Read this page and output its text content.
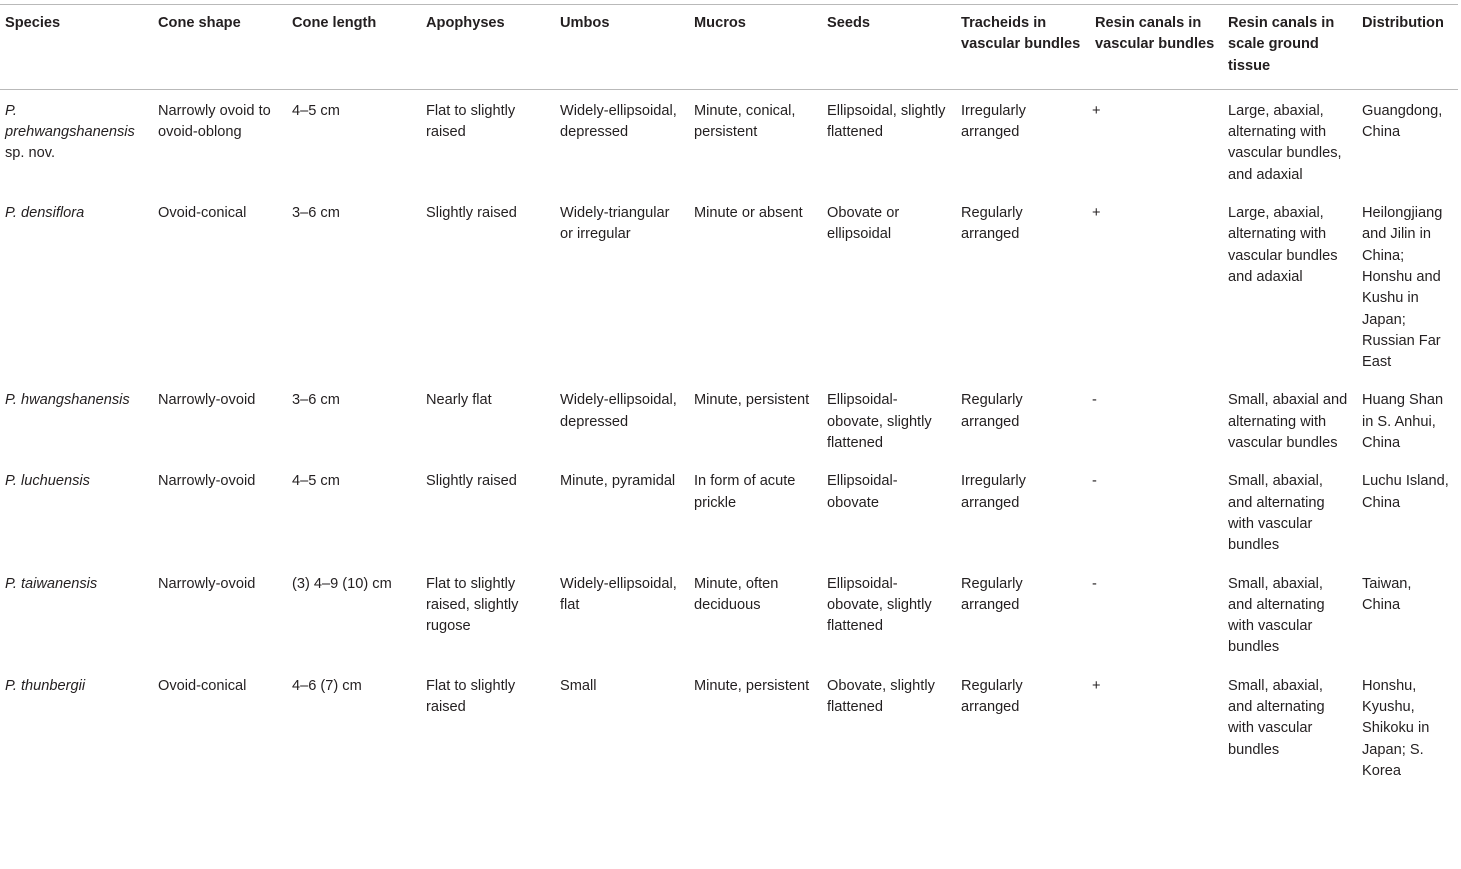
Species	Cone shape	Cone length	Apophyses	Umbos	Mucros	Seeds	Tracheids in vascular bundles	Resin canals in vascular bundles	Resin canals in scale ground tissue	Distribution
P. prehwangshanensis sp. nov.	Narrowly ovoid to ovoid-oblong	4–5 cm	Flat to slightly raised	Widely-ellipsoidal, depressed	Minute, conical, persistent	Ellipsoidal, slightly flattened	Irregularly arranged	+	Large, abaxial, alternating with vascular bundles, and adaxial	Guangdong, China
P. densiflora	Ovoid-conical	3–6 cm	Slightly raised	Widely-triangular or irregular	Minute or absent	Obovate or ellipsoidal	Regularly arranged	+	Large, abaxial, alternating with vascular bundles and adaxial	Heilongjiang and Jilin in China; Honshu and Kushu in Japan; Russian Far East
P. hwangshanensis	Narrowly-ovoid	3–6 cm	Nearly flat	Widely-ellipsoidal, depressed	Minute, persistent	Ellipsoidal-obovate, slightly flattened	Regularly arranged	-	Small, abaxial and alternating with vascular bundles	Huang Shan in S. Anhui, China
P. luchuensis	Narrowly-ovoid	4–5 cm	Slightly raised	Minute, pyramidal	In form of acute prickle	Ellipsoidal-obovate	Irregularly arranged	-	Small, abaxial, and alternating with vascular bundles	Luchu Island, China
P. taiwanensis	Narrowly-ovoid	(3) 4–9 (10) cm	Flat to slightly raised, slightly rugose	Widely-ellipsoidal, flat	Minute, often deciduous	Ellipsoidal-obovate, slightly flattened	Regularly arranged	-	Small, abaxial, and alternating with vascular bundles	Taiwan, China
P. thunbergii	Ovoid-conical	4–6 (7) cm	Flat to slightly raised	Small	Minute, persistent	Obovate, slightly flattened	Regularly arranged	+	Small, abaxial, and alternating with vascular bundles	Honshu, Kyushu, Shikoku in Japan; S. Korea
